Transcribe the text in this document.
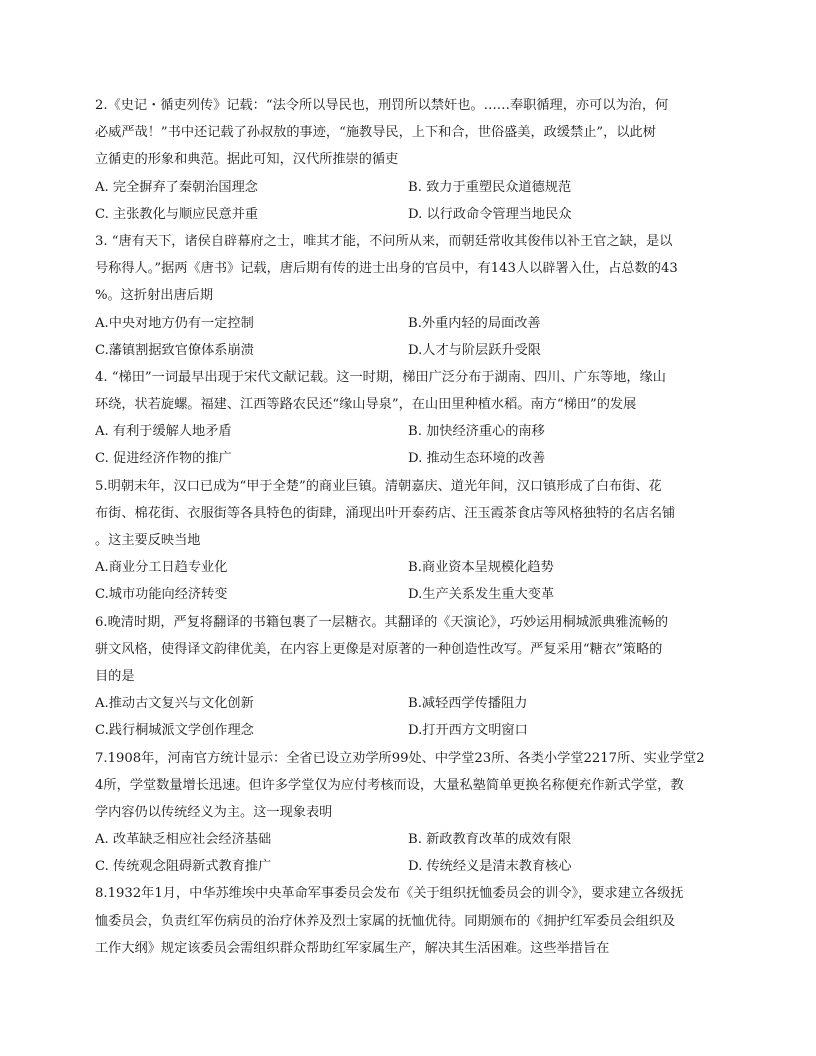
2.《史记・循吏列传》记载：“法令所以导民也，刑罚所以禁奸也。……奉职循理，亦可以为治，何
必威严哉！”书中还记载了孙叔敖的事迹，“施教导民，上下和合，世俗盛美，政缓禁止”，以此树
立循吏的形象和典范。据此可知，汉代所推崇的循吏
A. 完全摒弃了秦朝治国理念	B. 致力于重塑民众道德规范
C. 主张教化与顺应民意并重	D. 以行政命令管理当地民众
3. “唐有天下，诸侯自辟幕府之士，唯其才能，不问所从来，而朝廷常收其俊伟以补王官之缺，是以
号称得人。”据两《唐书》记载，唐后期有传的进士出身的官员中，有143人以辟署入仕，占总数的43
%。这折射出唐后期
A.中央对地方仍有一定控制	B.外重内轻的局面改善
C.藩镇割据致官僚体系崩溃	D.人才与阶层跃升受限
4. “梯田”一词最早出现于宋代文献记载。这一时期，梯田广泛分布于湖南、四川、广东等地，缘山
环绕，状若旋螺。福建、江西等路农民还“缘山导泉”，在山田里种植水稻。南方“梯田”的发展
A. 有利于缓解人地矛盾	B. 加快经济重心的南移
C. 促进经济作物的推广	D. 推动生态环境的改善
5.明朝末年，汉口已成为“甲于全楚”的商业巨镇。清朝嘉庆、道光年间，汉口镇形成了白布街、花
布街、棉花街、衣服街等各具特色的街肆，涌现出叶开泰药店、汪玉霞茶食店等风格独特的名店名铺
。这主要反映当地
A.商业分工日趋专业化	B.商业资本呈规模化趋势
C.城市功能向经济转变	D.生产关系发生重大变革
6.晚清时期，严复将翻译的书籍包裹了一层糖衣。其翻译的《天演论》，巧妙运用桐城派典雅流畅的
骈文风格，使得译文韵律优美，在内容上更像是对原著的一种创造性改写。严复采用“糖衣”策略的
目的是
A.推动古文复兴与文化创新	B.减轻西学传播阻力
C.践行桐城派文学创作理念	D.打开西方文明窗口
7.1908年，河南官方统计显示：全省已设立劝学所99处、中学堂23所、各类小学堂2217所、实业学堂2
4所，学堂数量增长迅速。但许多学堂仅为应付考核而设，大量私塾简单更换名称便充作新式学堂，教
学内容仍以传统经义为主。这一现象表明
A. 改革缺乏相应社会经济基础	B. 新政教育改革的成效有限
C. 传统观念阻碍新式教育推广	D. 传统经义是清末教育核心
8.1932年1月，中华苏维埃中央革命军事委员会发布《关于组织抚恤委员会的训令》，要求建立各级抚
恤委员会，负责红军伤病员的治疗休养及烈士家属的抚恤优待。同期颁布的《拥护红军委员会组织及
工作大纲》规定该委员会需组织群众帮助红军家属生产，解决其生活困难。这些举措旨在
